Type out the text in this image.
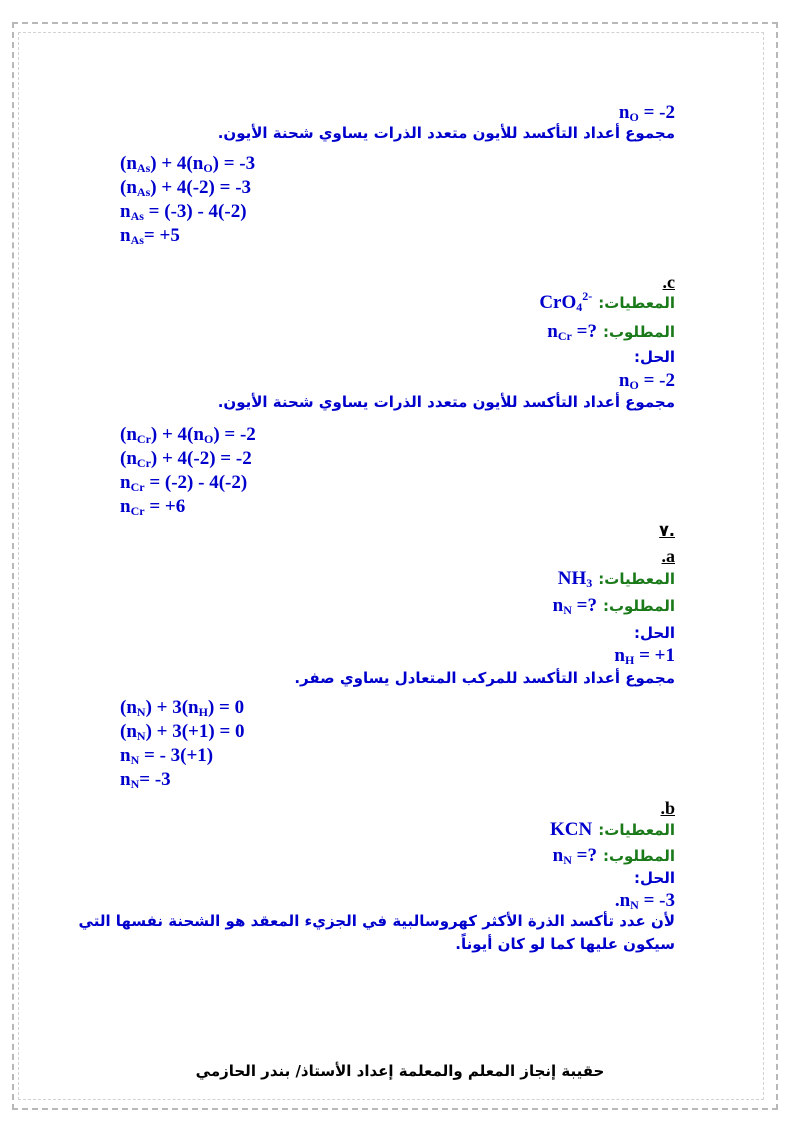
$n_O = -2$
مجموع أعداد التأكسد للأيون متعدد الذرات يساوي شحنة الأيون.
$(n_{As}) + 4(n_O) = -3$
$(n_{As}) + 4(-2) = -3$
$n_{As} = (-3) - 4(-2)$
$n_{As}= +5$
.c
المعطيات:
CrO$_4^{2-}$
المطلوب:
$n_{Cr}$ =?
الحل:
$n_O = -2$
مجموع أعداد التأكسد للأيون متعدد الذرات يساوي شحنة الأيون.
$(n_{Cr}) + 4(n_O) = -2$
$(n_{Cr}) + 4(-2) = -2$
$n_{Cr} = (-2) - 4(-2)$
$n_{Cr} = +6$
٧.
.a
المعطيات:
$NH_3$
المطلوب:
$n_N$ =?
الحل:
$n_H = +1$
مجموع أعداد التأكسد للمركب المتعادل يساوي صفر.
$(n_N) + 3(n_H) = 0$
$(n_N) + 3(+1) = 0$
$n_N$ = - 3(+1)
$n_N= -3$
.b
المعطيات:
KCN
المطلوب:
$n_N$ =?
الحل:
$.n_N = -3$
لأن عدد تأكسد الذرة الأكثر كهروسالبية في الجزيء المعقد هو الشحنة نفسها التي
سيكون عليها كما لو كان أيوناً.
حقيبة إنجاز المعلم والمعلمة إعداد الأستاذ/ بندر الحازمي
